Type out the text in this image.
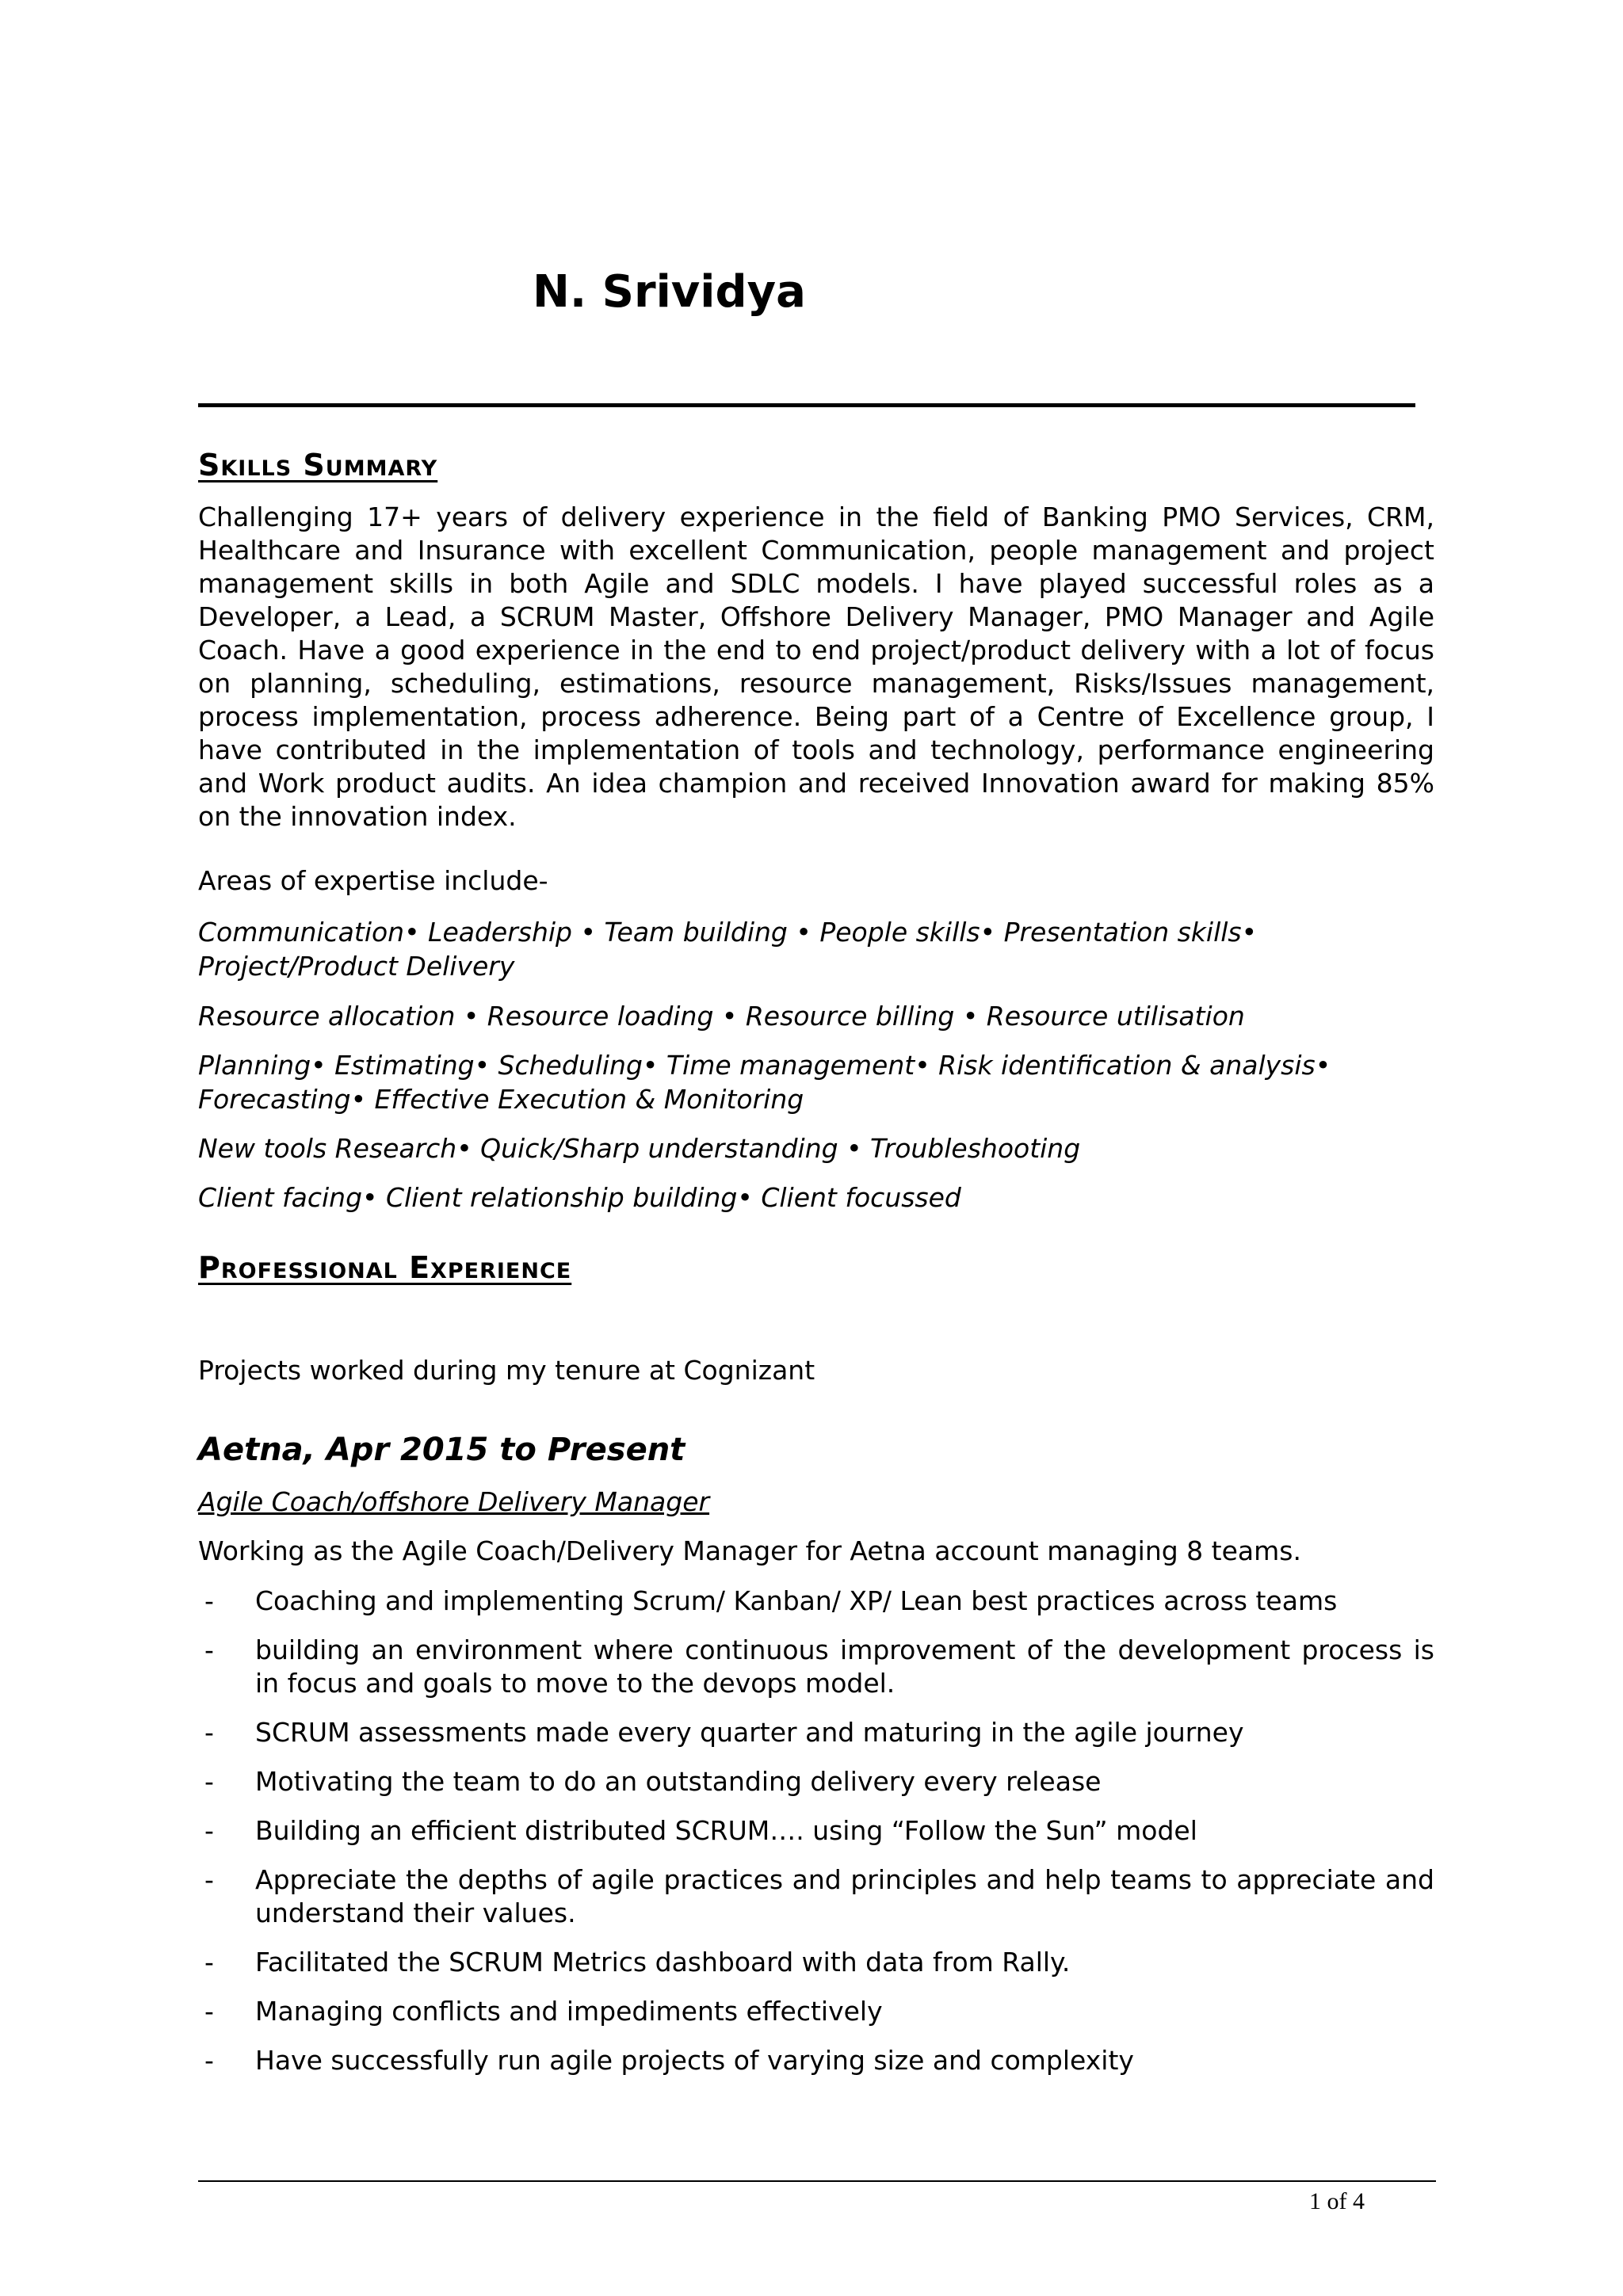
N. Srividya
Skills Summary

Challenging 17+ years of delivery experience in the field of Banking PMO Services, CRM, Healthcare and Insurance with excellent Communication, people management and project management skills in both Agile and SDLC models. I have played successful roles as a Developer, a Lead, a SCRUM Master, Offshore Delivery Manager, PMO Manager and Agile Coach. Have a good experience in the end to end project/product delivery with a lot of focus on planning, scheduling, estimations, resource management, Risks/Issues management, process implementation, process adherence. Being part of a Centre of Excellence group, I have contributed in the implementation of tools and technology, performance engineering and Work product audits. An idea champion and received Innovation award for making 85% on the innovation index.

Areas of expertise include-

Communication• Leadership • Team building • People skills• Presentation skills• Project/Product Delivery

Resource allocation • Resource loading • Resource billing • Resource utilisation

Planning• Estimating• Scheduling• Time management• Risk identification & analysis• Forecasting• Effective Execution & Monitoring

New tools Research• Quick/Sharp understanding • Troubleshooting

Client facing• Client relationship building• Client focussed

Professional Experience

Projects worked during my tenure at Cognizant

Aetna, Apr 2015 to Present

Agile Coach/offshore Delivery Manager

Working as the Agile Coach/Delivery Manager for Aetna account managing 8 teams.

- Coaching and implementing Scrum/ Kanban/ XP/ Lean best practices across teams
- building an environment where continuous improvement of the development process is in focus and goals to move to the devops model.
- SCRUM assessments made every quarter and maturing in the agile journey
- Motivating the team to do an outstanding delivery every release
- Building an efficient distributed SCRUM…. using “Follow the Sun” model
- Appreciate the depths of agile practices and principles and help teams to appreciate and understand their values.
- Facilitated the SCRUM Metrics dashboard with data from Rally.
- Managing conflicts and impediments effectively
- Have successfully run agile projects of varying size and complexity

1 of 4
